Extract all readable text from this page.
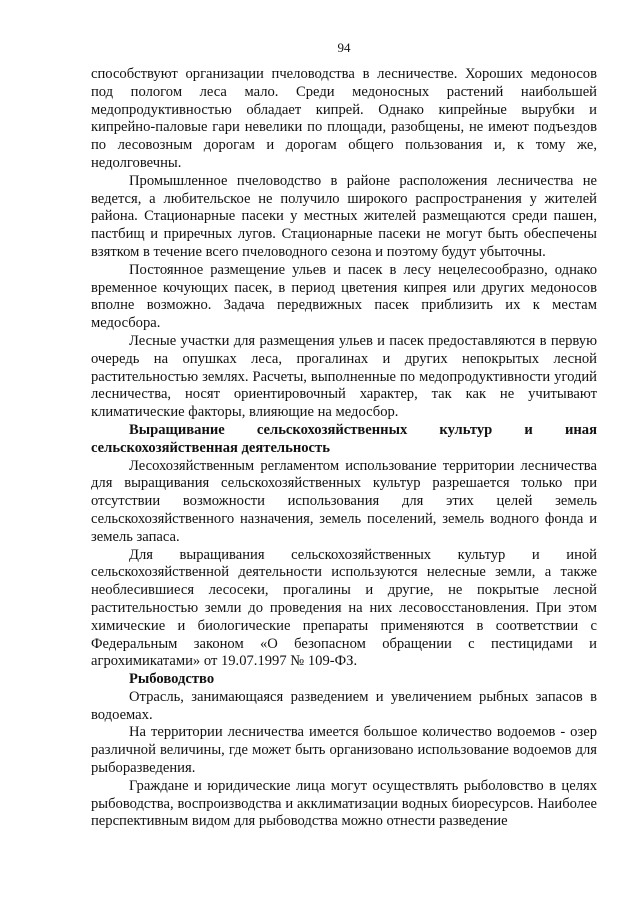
94

способствуют организации пчеловодства в лесничестве. Хороших медоносов под пологом леса мало. Среди медоносных растений наибольшей медопродуктивностью обладает кипрей. Однако кипрейные вырубки и кипрейно-паловые гари невелики по площади, разобщены, не имеют подъездов по лесовозным дорогам и дорогам общего пользования и, к тому же, недолговечны.

Промышленное пчеловодство в районе расположения лесничества не ведется, а любительское не получило широкого распространения у жителей района. Стационарные пасеки у местных жителей размещаются среди пашен, пастбищ и приречных лугов. Стационарные пасеки не могут быть обеспечены взятком в течение всего пчеловодного сезона и поэтому будут убыточны.

Постоянное размещение ульев и пасек в лесу нецелесообразно, однако временное кочующих пасек, в период цветения кипрея или других медоносов вполне возможно. Задача передвижных пасек приблизить их к местам медосбора.

Лесные участки для размещения ульев и пасек предоставляются в первую очередь на опушках леса, прогалинах и других непокрытых лесной растительностью землях. Расчеты, выполненные по медопродуктивности угодий лесничества, носят ориентировочный характер, так как не учитывают климатические факторы, влияющие на медосбор.

Выращивание сельскохозяйственных культур и иная сельскохозяйственная деятельность

Лесохозяйственным регламентом использование территории лесничества для выращивания сельскохозяйственных культур разрешается только при отсутствии возможности использования для этих целей земель сельскохозяйственного назначения, земель поселений, земель водного фонда и земель запаса.

Для выращивания сельскохозяйственных культур и иной сельскохозяйственной деятельности используются нелесные земли, а также необлесившиеся лесосеки, прогалины и другие, не покрытые лесной растительностью земли до проведения на них лесовосстановления. При этом химические и биологические препараты применяются в соответствии с Федеральным законом «О безопасном обращении с пестицидами и агрохимикатами» от 19.07.1997 № 109-ФЗ.

Рыбоводство

Отрасль, занимающаяся разведением и увеличением рыбных запасов в водоемах.

На территории лесничества имеется большое количество водоемов - озер различной величины, где может быть организовано использование водоемов для рыборазведения.

Граждане и юридические лица могут осуществлять рыболовство в целях рыбоводства, воспроизводства и акклиматизации водных биоресурсов. Наиболее перспективным видом для рыбоводства можно отнести разведение
